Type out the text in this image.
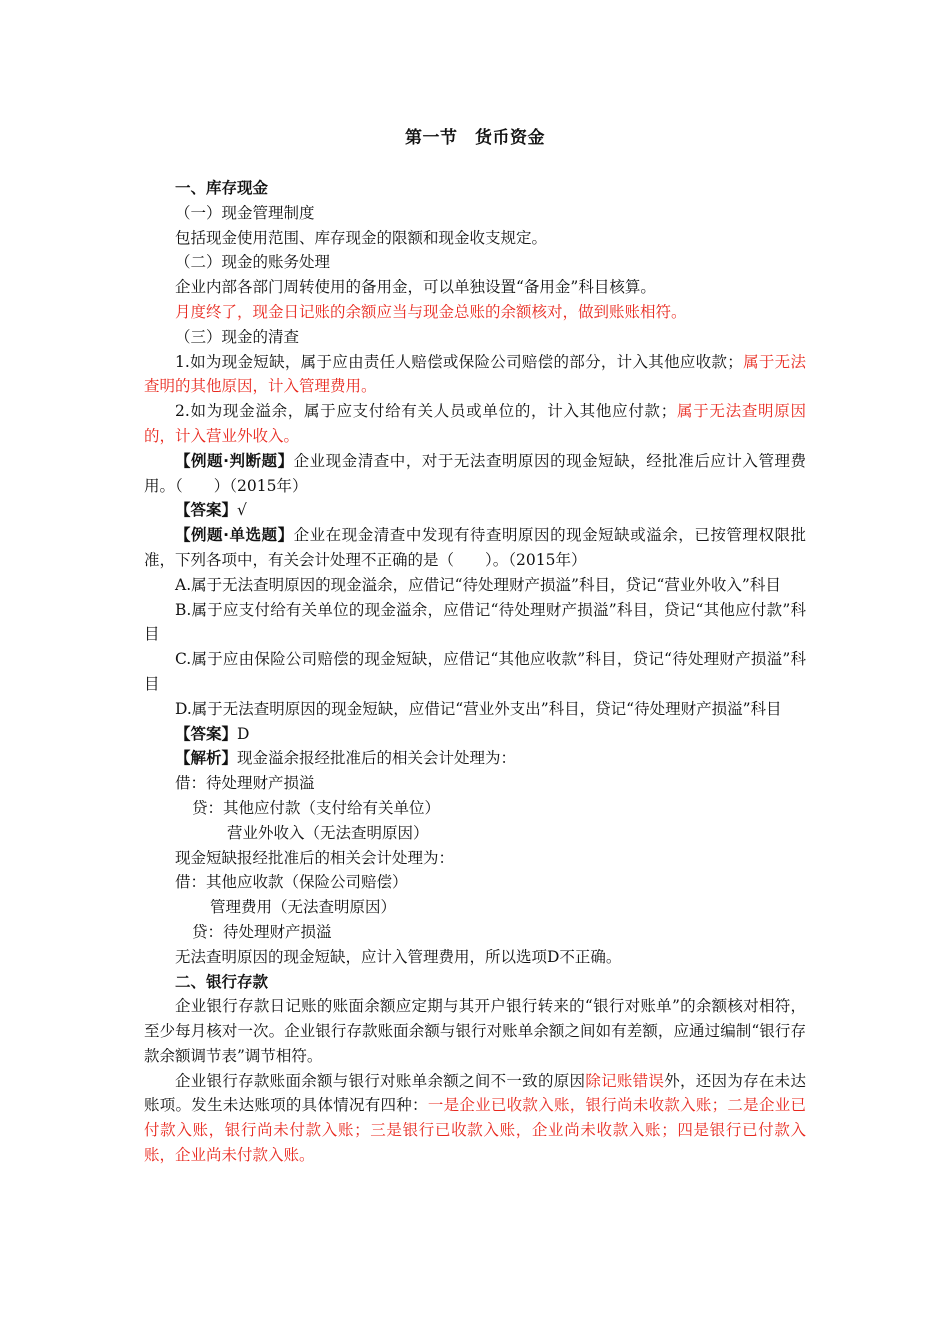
第一节　货币资金
一、库存现金
（一）现金管理制度
包括现金使用范围、库存现金的限额和现金收支规定。
（二）现金的账务处理
企业内部各部门周转使用的备用金，可以单独设置“备用金”科目核算。
月度终了，现金日记账的余额应当与现金总账的余额核对，做到账账相符。
（三）现金的清查
1.如为现金短缺，属于应由责任人赔偿或保险公司赔偿的部分，计入其他应收款；属于无法查明的其他原因，计入管理费用。
2.如为现金溢余，属于应支付给有关人员或单位的，计入其他应付款；属于无法查明原因的，计入营业外收入。
【例题·判断题】企业现金清查中，对于无法查明原因的现金短缺，经批准后应计入管理费用。（　　）（2015年）
【答案】√
【例题·单选题】企业在现金清查中发现有待查明原因的现金短缺或溢余，已按管理权限批准，下列各项中，有关会计处理不正确的是（　　）。（2015年）
A.属于无法查明原因的现金溢余，应借记“待处理财产损溢”科目，贷记“营业外收入”科目
B.属于应支付给有关单位的现金溢余，应借记“待处理财产损溢”科目，贷记“其他应付款”科目
C.属于应由保险公司赔偿的现金短缺，应借记“其他应收款”科目，贷记“待处理财产损溢”科目
D.属于无法查明原因的现金短缺，应借记“营业外支出”科目，贷记“待处理财产损溢”科目
【答案】D
【解析】现金溢余报经批准后的相关会计处理为：
借：待处理财产损溢
贷：其他应付款（支付给有关单位）
营业外收入（无法查明原因）
现金短缺报经批准后的相关会计处理为：
借：其他应收款（保险公司赔偿）
管理费用（无法查明原因）
贷：待处理财产损溢
无法查明原因的现金短缺，应计入管理费用，所以选项D不正确。
二、银行存款
企业银行存款日记账的账面余额应定期与其开户银行转来的“银行对账单”的余额核对相符，至少每月核对一次。企业银行存款账面余额与银行对账单余额之间如有差额，应通过编制“银行存款余额调节表”调节相符。
企业银行存款账面余额与银行对账单余额之间不一致的原因除记账错误外，还因为存在未达账项。发生未达账项的具体情况有四种：一是企业已收款入账，银行尚未收款入账；二是企业已付款入账，银行尚未付款入账；三是银行已收款入账，企业尚未收款入账；四是银行已付款入账，企业尚未付款入账。
